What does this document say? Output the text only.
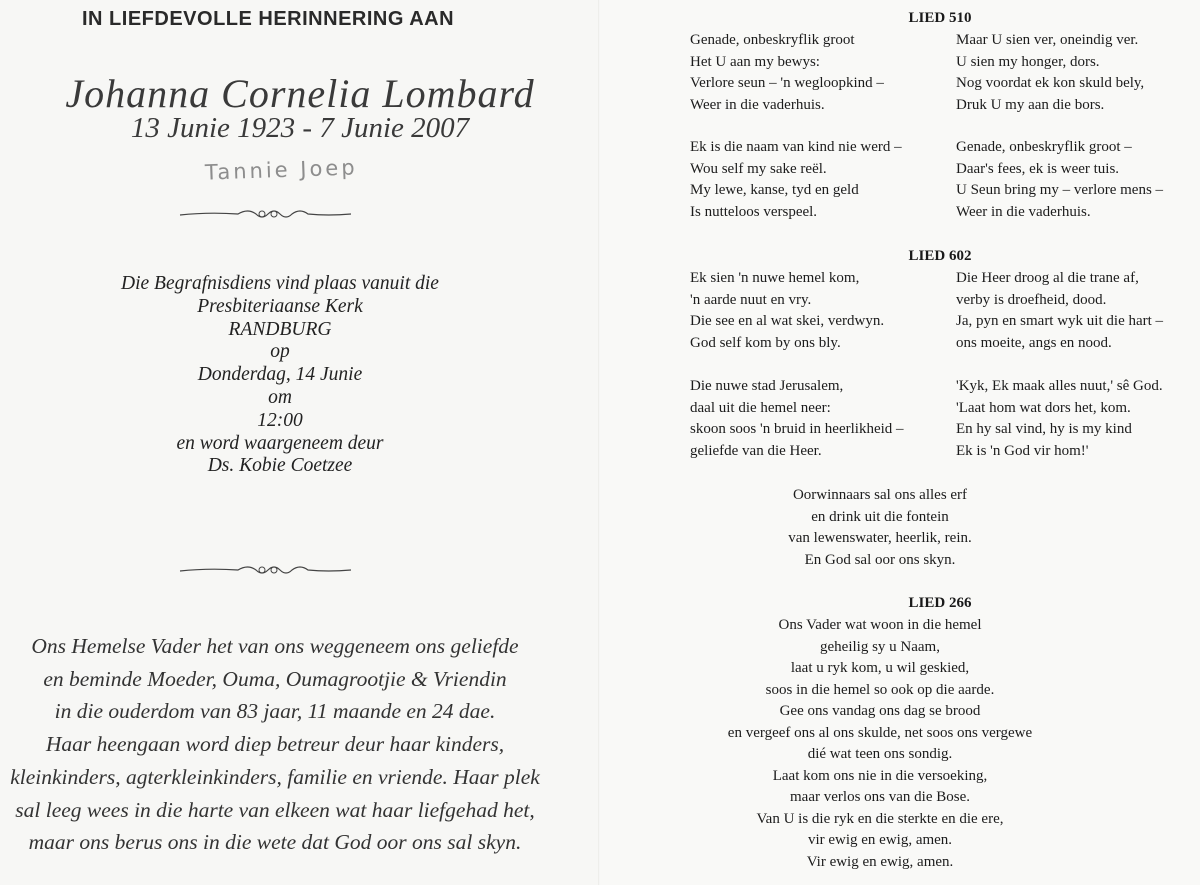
IN LIEFDEVOLLE HERINNERING AAN
Johanna Cornelia Lombard
13 Junie 1923 - 7 Junie 2007
Tannie Joep
Die Begrafnisdiens vind plaas vanuit die
Presbiteriaanse Kerk
RANDBURG
op
Donderdag, 14 Junie
om
12:00
en word waargeneem deur
Ds. Kobie Coetzee
Ons Hemelse Vader het van ons weggeneem ons geliefde
en beminde Moeder, Ouma, Oumagrootjie & Vriendin
in die ouderdom van 83 jaar, 11 maande en 24 dae.
Haar heengaan word diep betreur deur haar kinders,
kleinkinders, agterkleinkinders, familie en vriende. Haar plek
sal leeg wees in die harte van elkeen wat haar liefgehad het,
maar ons berus ons in die wete dat God oor ons sal skyn.
LIED 510
Genade, onbeskryflik groot
Het U aan my bewys:
Verlore seun – 'n wegloopkind –
Weer in die vaderhuis.
Maar U sien ver, oneindig ver.
U sien my honger, dors.
Nog voordat ek kon skuld bely,
Druk U my aan die bors.
Ek is die naam van kind nie werd –
Wou self my sake reël.
My lewe, kanse, tyd en geld
Is nutteloos verspeel.
Genade, onbeskryflik groot –
Daar's fees, ek is weer tuis.
U Seun bring my – verlore mens –
Weer in die vaderhuis.
LIED 602
Ek sien 'n nuwe hemel kom,
'n aarde nuut en vry.
Die see en al wat skei, verdwyn.
God self kom by ons bly.
Die Heer droog al die trane af,
verby is droefheid, dood.
Ja, pyn en smart wyk uit die hart –
ons moeite, angs en nood.
Die nuwe stad Jerusalem,
daal uit die hemel neer:
skoon soos 'n bruid in heerlikheid –
geliefde van die Heer.
'Kyk, Ek maak alles nuut,' sê God.
'Laat hom wat dors het, kom.
En hy sal vind, hy is my kind
Ek is 'n God vir hom!'
Oorwinnaars sal ons alles erf
en drink uit die fontein
van lewenswater, heerlik, rein.
En God sal oor ons skyn.
LIED 266
Ons Vader wat woon in die hemel
geheilig sy u Naam,
laat u ryk kom, u wil geskied,
soos in die hemel so ook op die aarde.
Gee ons vandag ons dag se brood
en vergeef ons al ons skulde, net soos ons vergewe
dié wat teen ons sondig.
Laat kom ons nie in die versoeking,
maar verlos ons van die Bose.
Van U is die ryk en die sterkte en die ere,
vir ewig en ewig, amen.
Vir ewig en ewig, amen.
